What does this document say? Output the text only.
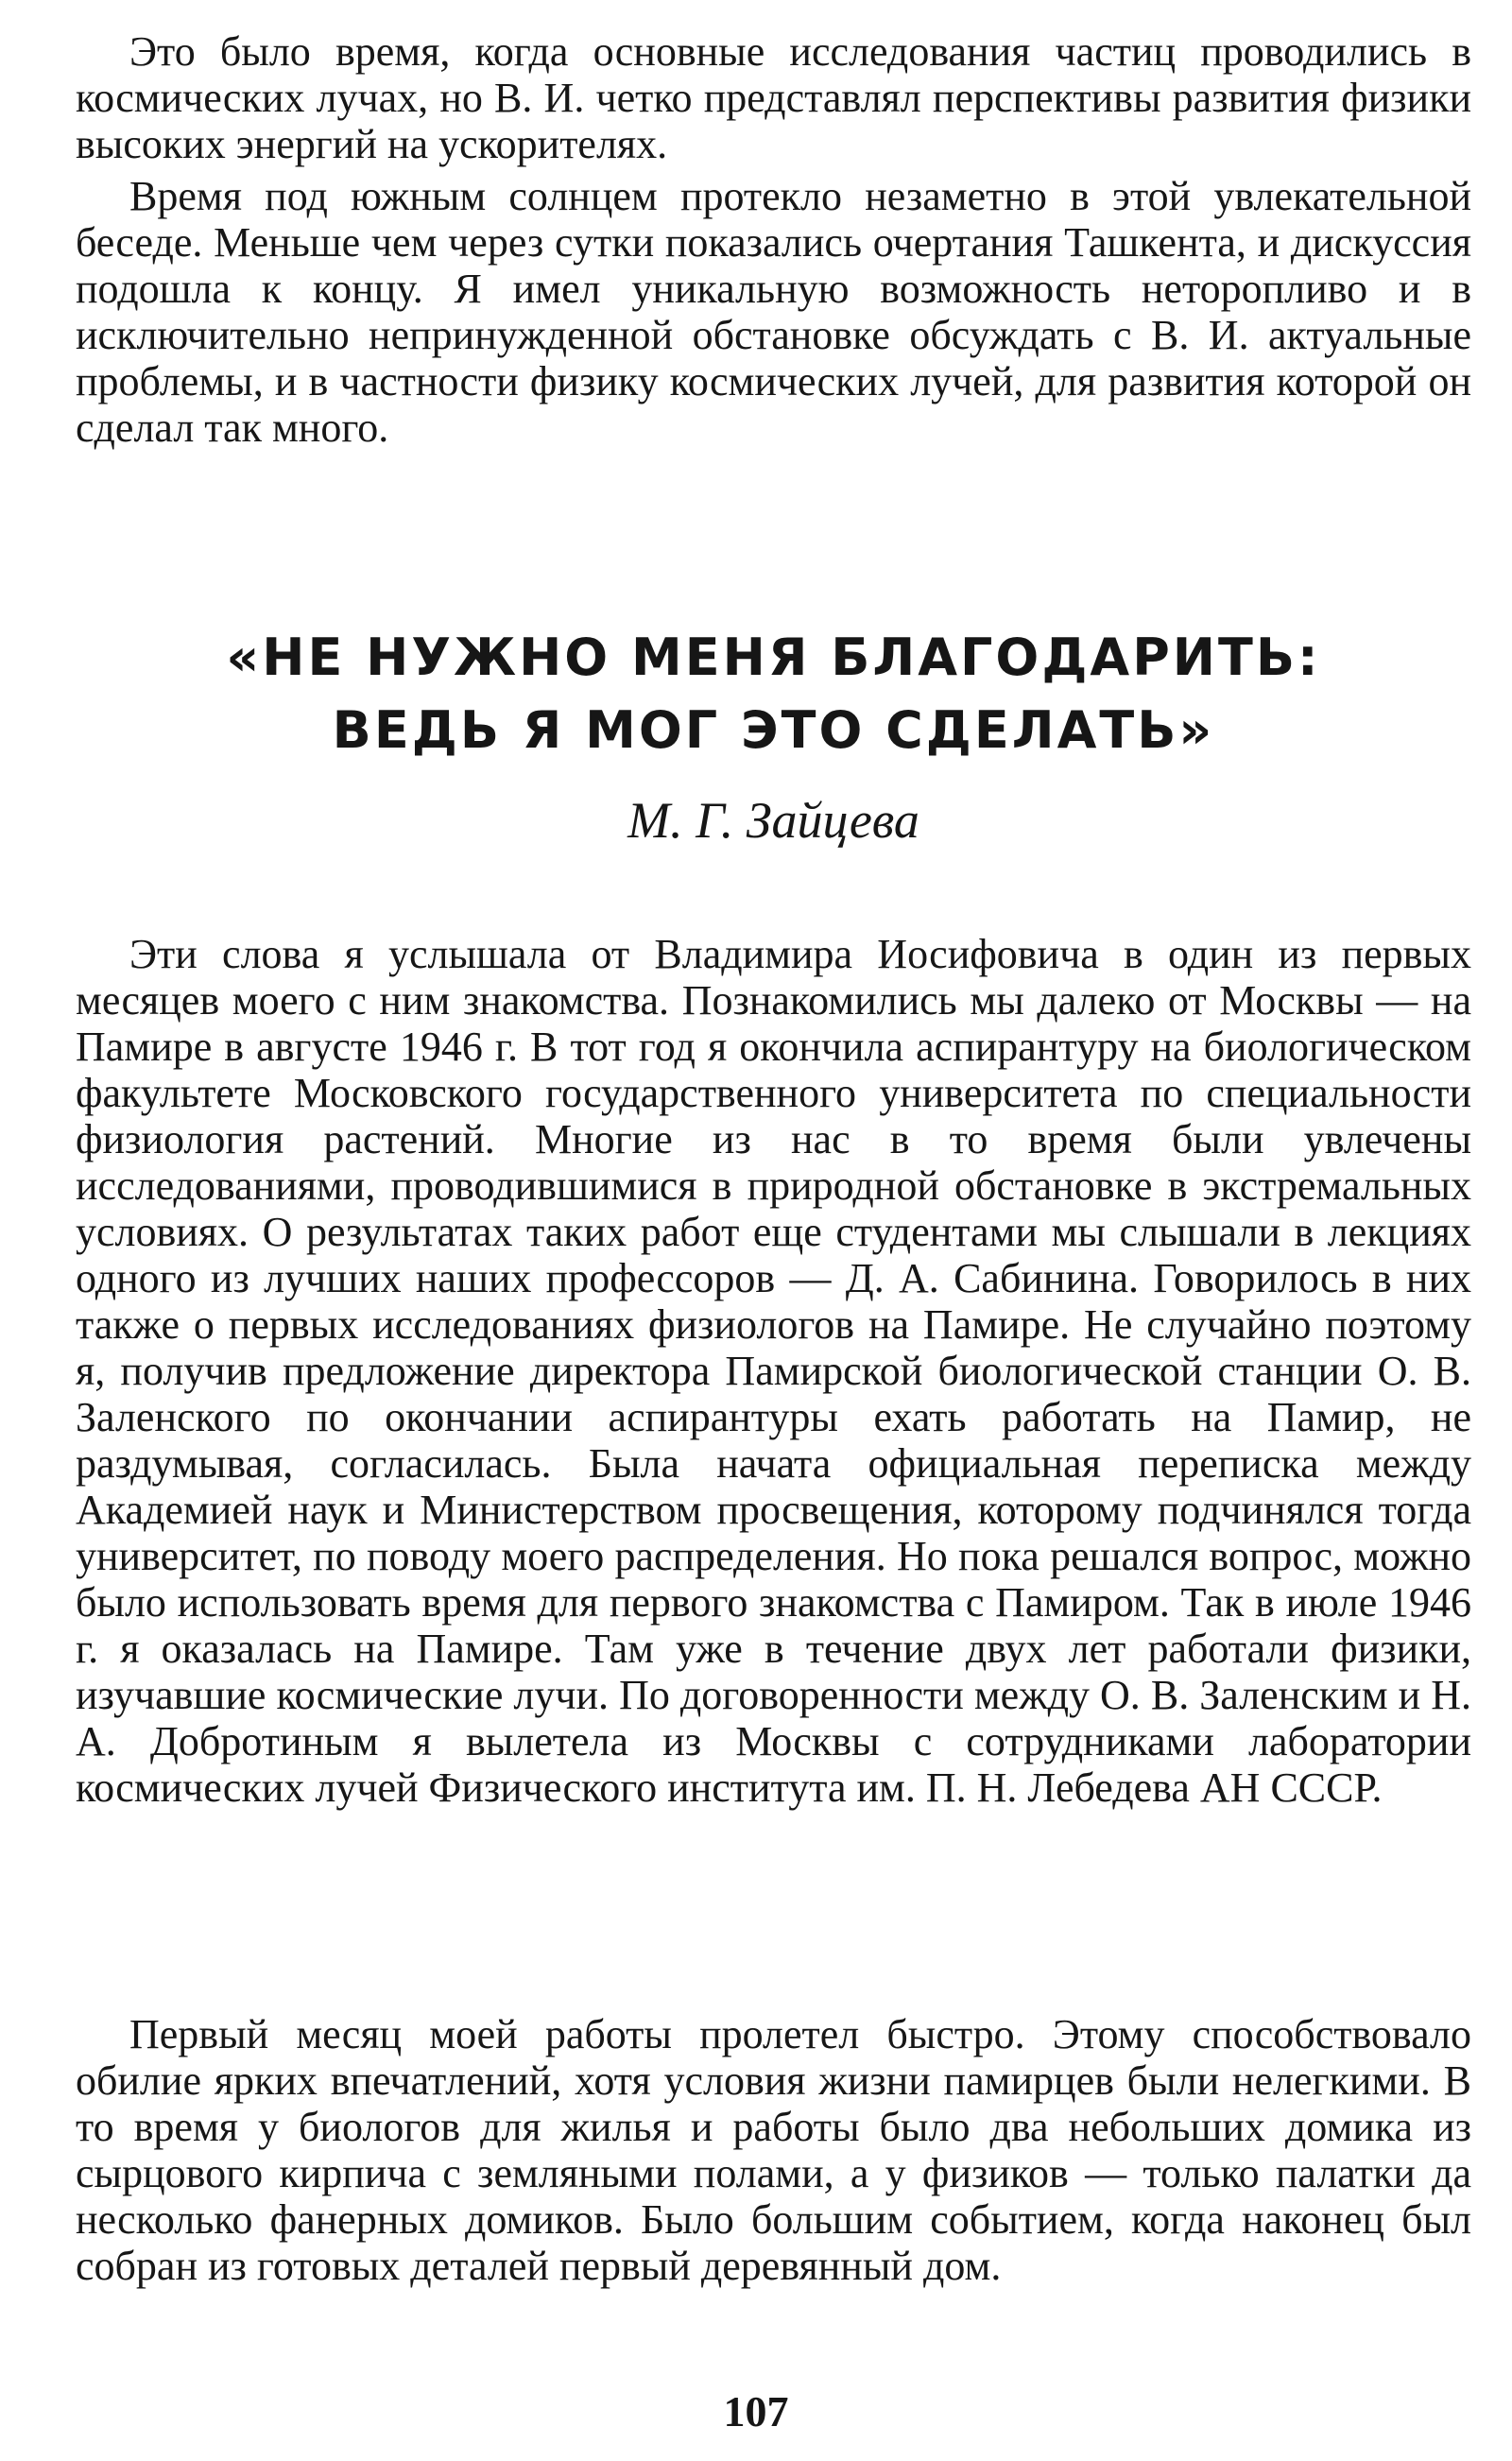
Это было время, когда основные исследования частиц проводились в космических лучах, но В. И. четко представлял перспективы развития физики высоких энергий на ускорителях.

Время под южным солнцем протекло незаметно в этой увлекательной беседе. Меньше чем через сутки показались очертания Ташкента, и дискуссия подошла к концу. Я имел уникальную возможность неторопливо и в исключительно непринужденной обстановке обсуждать с В. И. актуальные проблемы, и в частности физику космических лучей, для развития которой он сделал так много.

«НЕ НУЖНО МЕНЯ БЛАГОДАРИТЬ:
ВЕДЬ Я МОГ ЭТО СДЕЛАТЬ»

М. Г. Зайцева

Эти слова я услышала от Владимира Иосифовича в один из первых месяцев моего с ним знакомства. Познакомились мы далеко от Москвы — на Памире в августе 1946 г. В тот год я окончила аспирантуру на биологическом факультете Московского государственного университета по специальности физиология растений. Многие из нас в то время были увлечены исследованиями, проводившимися в природной обстановке в экстремальных условиях. О результатах таких работ еще студентами мы слышали в лекциях одного из лучших наших профессоров — Д. А. Сабинина. Говорилось в них также о первых исследованиях физиологов на Памире. Не случайно поэтому я, получив предложение директора Памирской биологической станции О. В. Заленского по окончании аспирантуры ехать работать на Памир, не раздумывая, согласилась. Была начата официальная переписка между Академией наук и Министерством просвещения, которому подчинялся тогда университет, по поводу моего распределения. Но пока решался вопрос, можно было использовать время для первого знакомства с Памиром. Так в июле 1946 г. я оказалась на Памире. Там уже в течение двух лет работали физики, изучавшие космические лучи. По договоренности между О. В. Заленским и Н. А. Добротиным я вылетела из Москвы с сотрудниками лаборатории космических лучей Физического института им. П. Н. Лебедева АН СССР.

Первый месяц моей работы пролетел быстро. Этому способствовало обилие ярких впечатлений, хотя условия жизни памирцев были нелегкими. В то время у биологов для жилья и работы было два небольших домика из сырцового кирпича с земляными полами, а у физиков — только палатки да несколько фанерных домиков. Было большим событием, когда наконец был собран из готовых деталей первый деревянный дом.

107
